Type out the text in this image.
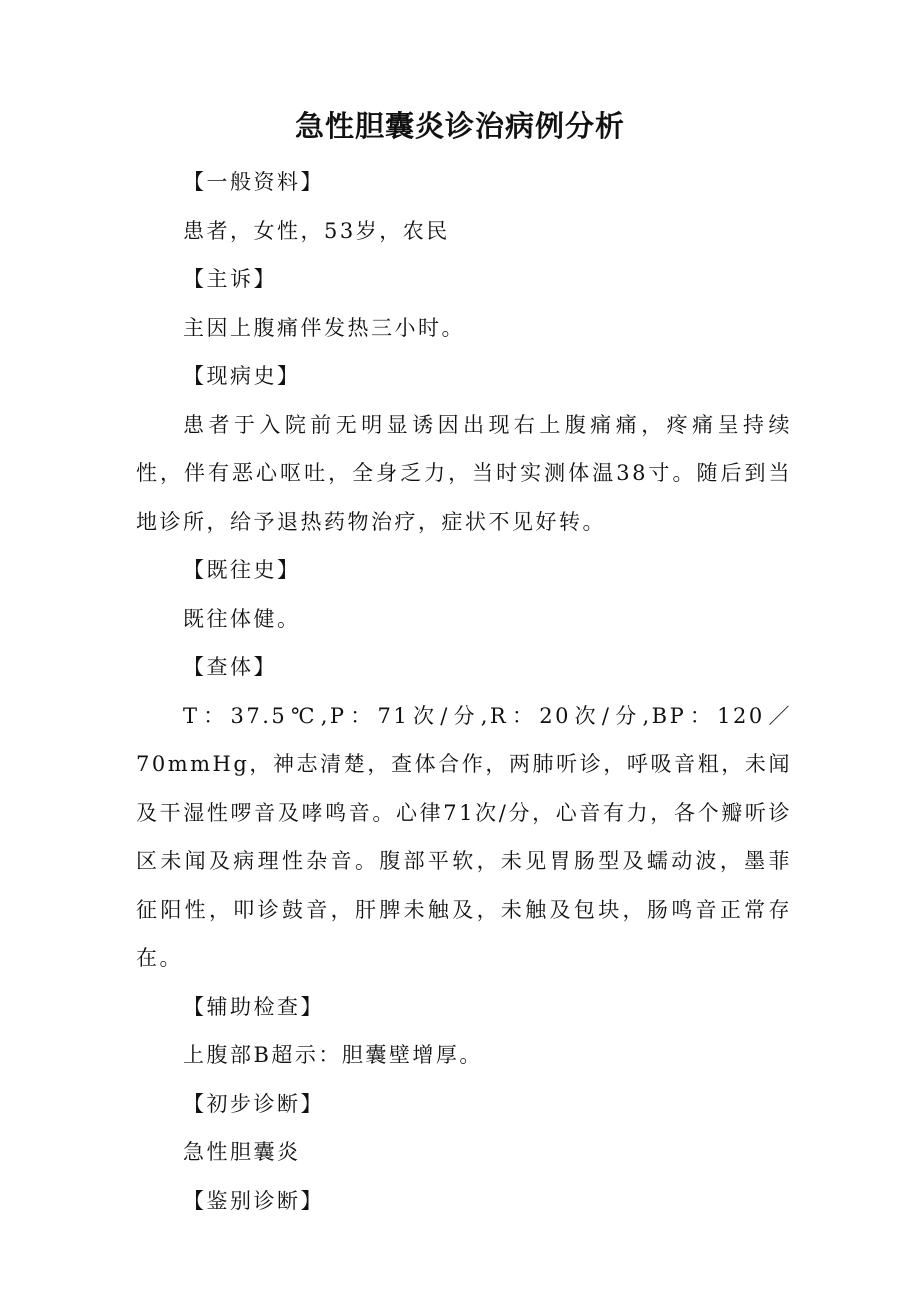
急性胆囊炎诊治病例分析

【一般资料】

患者，女性，53岁，农民

【主诉】

主因上腹痛伴发热三小时。

【现病史】

患者于入院前无明显诱因出现右上腹痛痛，疼痛呈持续性，伴有恶心呕吐，全身乏力，当时实测体温38寸。随后到当地诊所，给予退热药物治疗，症状不见好转。

【既往史】

既往体健。

【查体】

T：37.5℃,P：71次/分,R：20次/分,BP：120／70mmHg，神志清楚，查体合作，两肺听诊，呼吸音粗，未闻及干湿性啰音及哮鸣音。心律71次/分，心音有力，各个瓣听诊区未闻及病理性杂音。腹部平软，未见胃肠型及蠕动波，墨菲征阳性，叩诊鼓音，肝脾未触及，未触及包块，肠鸣音正常存在。

【辅助检查】

上腹部B超示：胆囊壁增厚。

【初步诊断】

急性胆囊炎

【鉴别诊断】
